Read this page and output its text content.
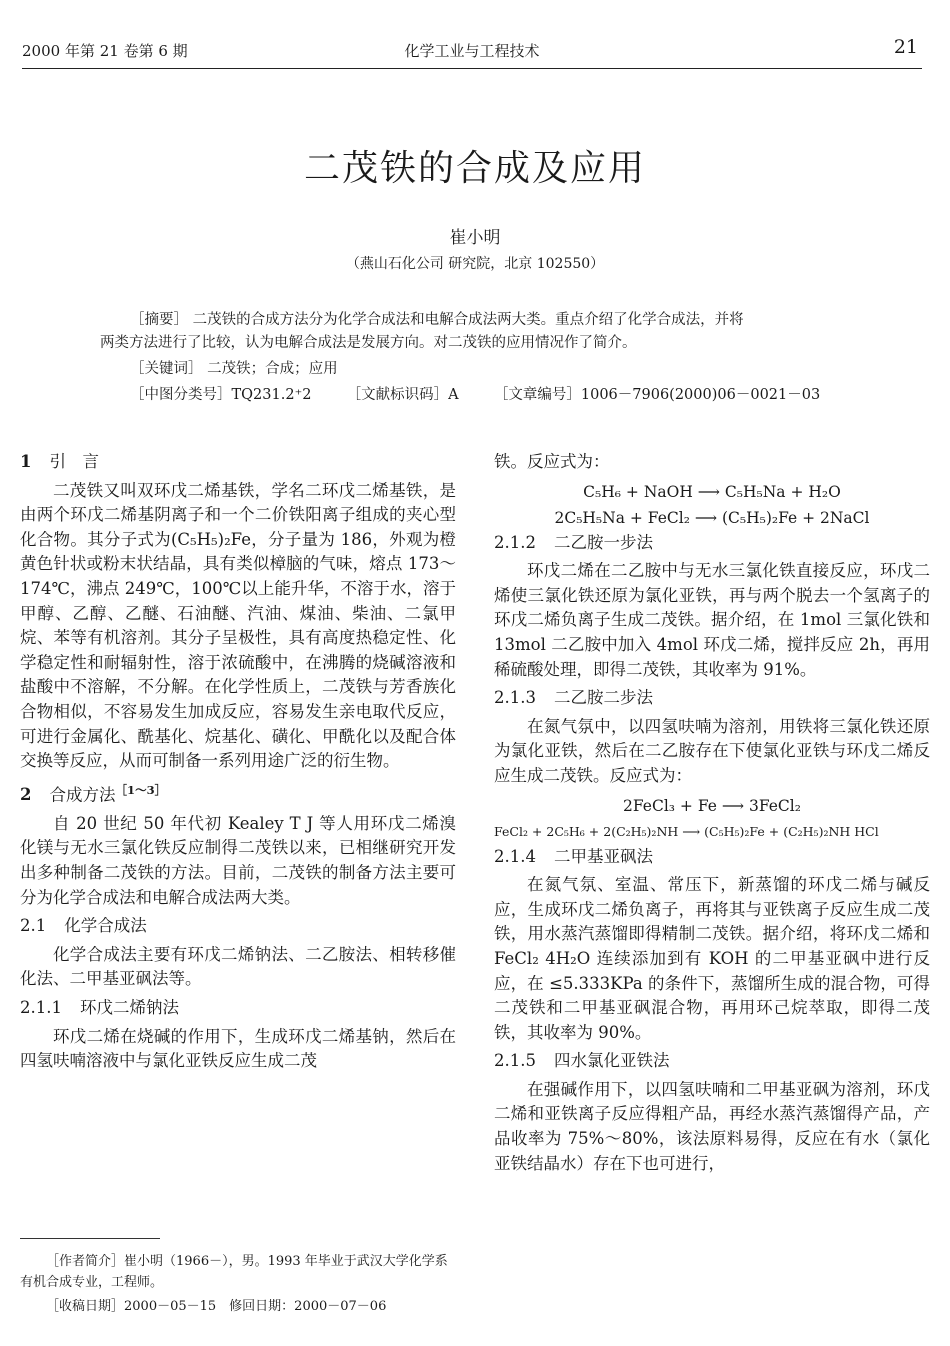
2000 年第 21 卷第 6 期	化学工业与工程技术	21
二茂铁的合成及应用
崔小明
（燕山石化公司 研究院，北京 102550）

［摘要］ 二茂铁的合成方法分为化学合成法和电解合成法两大类。重点介绍了化学合成法，并将

两类方法进行了比较，认为电解合成法是发展方向。对二茂铁的应用情况作了简介。

［关键词］ 二茂铁；合成；应用

［中图分类号］TQ231.2⁺2 ［文献标识码］A ［文章编号］1006－7906(2000)06－0021－03

1 引　言

二茂铁又叫双环戊二烯基铁，学名二环戊二烯基铁，是由两个环戊二烯基阴离子和一个二价铁阳离子组成的夹心型化合物。其分子式为(C₅H₅)₂Fe，分子量为 186，外观为橙黄色针状或粉末状结晶，具有类似樟脑的气味，熔点 173～174℃，沸点 249℃，100℃以上能升华，不溶于水，溶于甲醇、乙醇、乙醚、石油醚、汽油、煤油、柴油、二氯甲烷、苯等有机溶剂。其分子呈极性，具有高度热稳定性、化学稳定性和耐辐射性，溶于浓硫酸中，在沸腾的烧碱溶液和盐酸中不溶解，不分解。在化学性质上，二茂铁与芳香族化合物相似，不容易发生加成反应，容易发生亲电取代反应，可进行金属化、酰基化、烷基化、磺化、甲酰化以及配合体交换等反应，从而可制备一系列用途广泛的衍生物。

2 合成方法$^{[1\sim 3]}$

自 20 世纪 50 年代初 Kealey T J 等人用环戊二烯溴化镁与无水三氯化铁反应制得二茂铁以来，已相继研究开发出多种制备二茂铁的方法。目前，二茂铁的制备方法主要可分为化学合成法和电解合成法两大类。

2.1 化学合成法

化学合成法主要有环戊二烯钠法、二乙胺法、相转移催化法、二甲基亚砜法等。

2.1.1 环戊二烯钠法

环戊二烯在烧碱的作用下，生成环戊二烯基钠，然后在四氢呋喃溶液中与氯化亚铁反应生成二茂

铁。反应式为：

C₅H₆ + NaOH ⟶ C₅H₅Na + H₂O

2C₅H₅Na + FeCl₂ ⟶ (C₅H₅)₂Fe + 2NaCl

2.1.2 二乙胺一步法

环戊二烯在二乙胺中与无水三氯化铁直接反应，环戊二烯使三氯化铁还原为氯化亚铁，再与两个脱去一个氢离子的环戊二烯负离子生成二茂铁。据介绍，在 1mol 三氯化铁和 13mol 二乙胺中加入 4mol 环戊二烯，搅拌反应 2h，再用稀硫酸处理，即得二茂铁，其收率为 91%。

2.1.3 二乙胺二步法

在氮气氛中，以四氢呋喃为溶剂，用铁将三氯化铁还原为氯化亚铁，然后在二乙胺存在下使氯化亚铁与环戊二烯反应生成二茂铁。反应式为：

2FeCl₃ + Fe ⟶ 3FeCl₂

FeCl₂ + 2C₅H₆ + 2(C₂H₅)₂NH ⟶ (C₅H₅)₂Fe + (C₂H₅)₂NH HCl

2.1.4 二甲基亚砜法

在氮气氛、室温、常压下，新蒸馏的环戊二烯与碱反应，生成环戊二烯负离子，再将其与亚铁离子反应生成二茂铁，用水蒸汽蒸馏即得精制二茂铁。据介绍，将环戊二烯和 FeCl₂ 4H₂O 连续添加到有 KOH 的二甲基亚砜中进行反应，在 ≤5.333KPa 的条件下，蒸馏所生成的混合物，可得二茂铁和二甲基亚砜混合物，再用环己烷萃取，即得二茂铁，其收率为 90%。

2.1.5 四水氯化亚铁法

在强碱作用下，以四氢呋喃和二甲基亚砜为溶剂，环戊二烯和亚铁离子反应得粗产品，再经水蒸汽蒸馏得产品，产品收率为 75%～80%，该法原料易得，反应在有水（氯化亚铁结晶水）存在下也可进行，

［作者简介］崔小明（1966－），男。1993 年毕业于武汉大学化学系有机合成专业，工程师。

［收稿日期］2000－05－15　修回日期：2000－07－06
